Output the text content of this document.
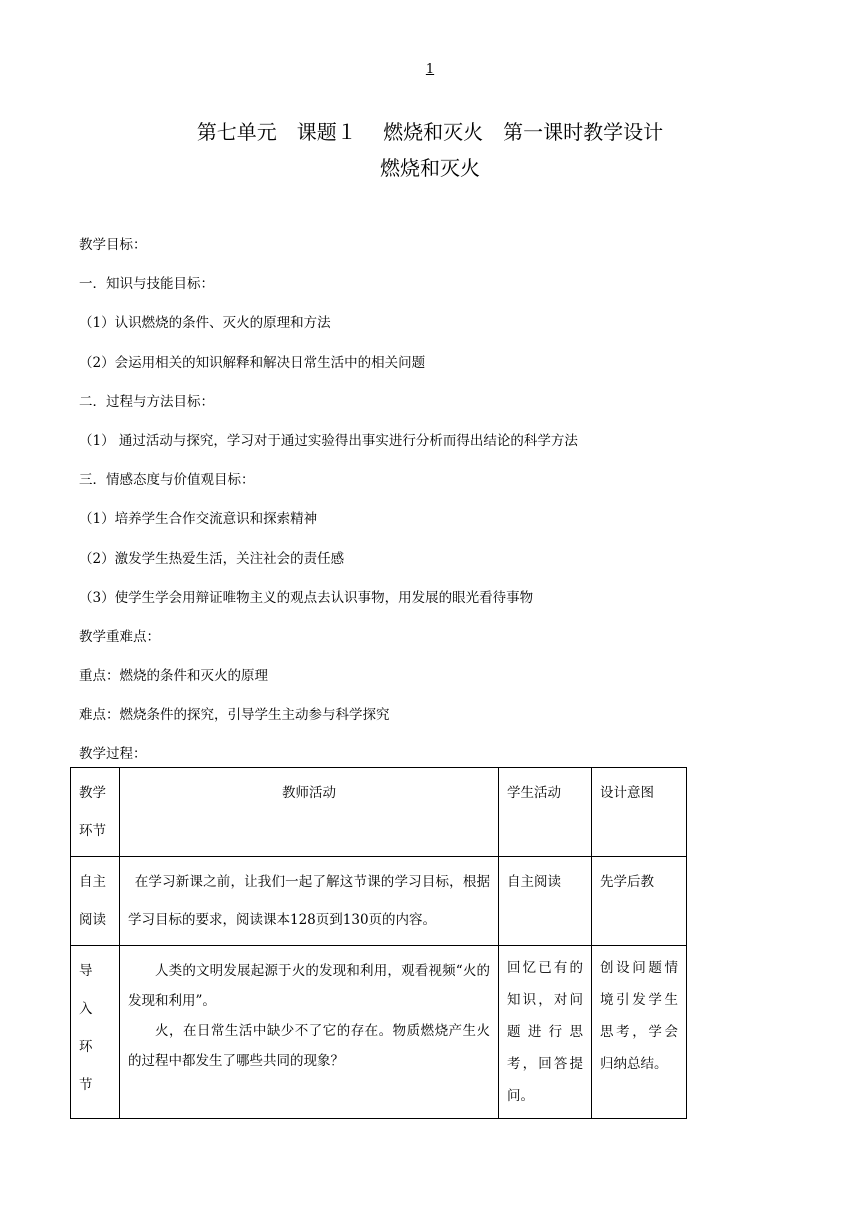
1
第七单元　课题１　 燃烧和灭火　第一课时教学设计
燃烧和灭火
教学目标：
一．知识与技能目标：
（1）认识燃烧的条件、灭火的原理和方法
（2）会运用相关的知识解释和解决日常生活中的相关问题
二．过程与方法目标：
（1） 通过活动与探究，学习对于通过实验得出事实进行分析而得出结论的科学方法
三．情感态度与价值观目标：
（1）培养学生合作交流意识和探索精神
（2）激发学生热爱生活，关注社会的责任感
（3）使学生学会用辩证唯物主义的观点去认识事物，用发展的眼光看待事物
教学重难点：
重点：燃烧的条件和灭火的原理
难点：燃烧条件的探究，引导学生主动参与科学探究
教学过程：
教学环节	教师活动	学生活动	设计意图

自主阅读	在学习新课之前，让我们一起了解这节课的学习目标，根据学习目标的要求，阅读课本128页到130页的内容。	自主阅读	先学后教

导入环节	人类的文明发展起源于火的发现和利用，观看视频“火的发现和利用”。
火，在日常生活中缺少不了它的存在。物质燃烧产生火的过程中都发生了哪些共同的现象？	回忆已有的知识，对问题进行思考，回答提问。	创设问题情境引发学生思考，学会归纳总结。
